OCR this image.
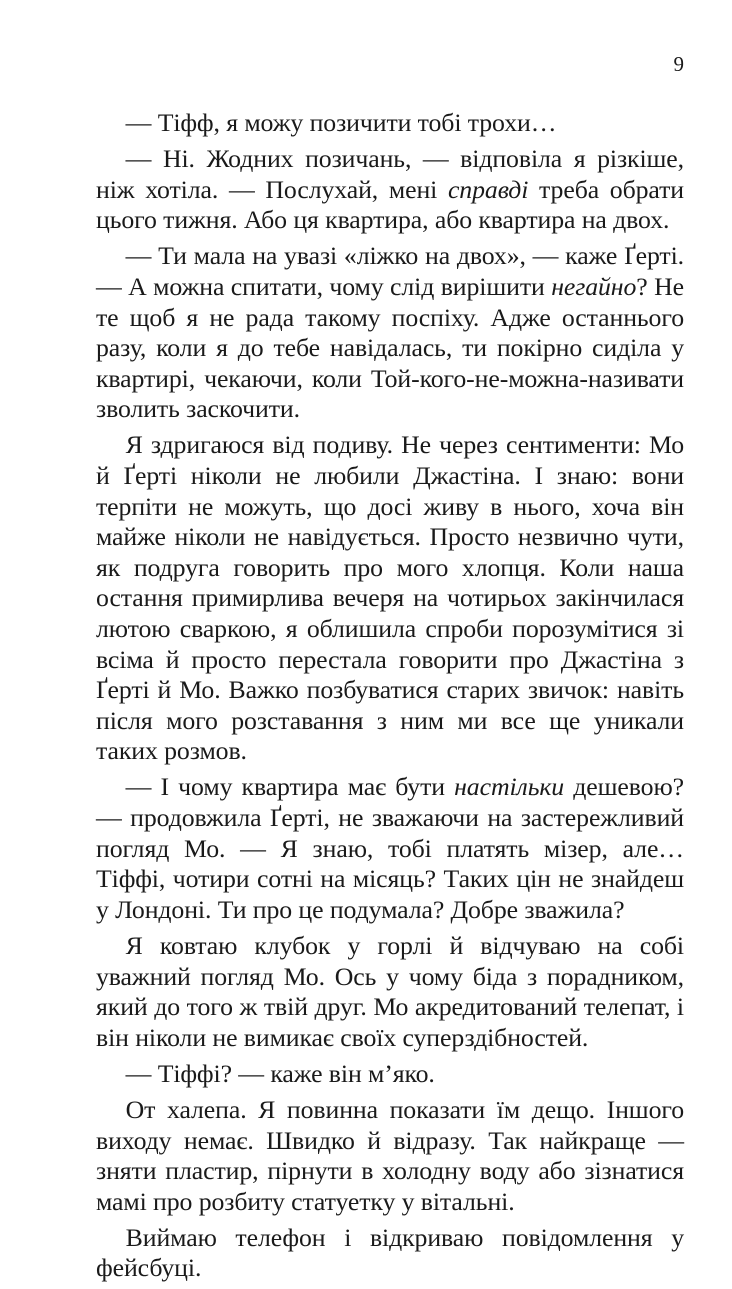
9

— Тіфф, я можу позичити тобі трохи…

— Ні. Жодних позичань, — відповіла я різкіше, ніж хотіла. — Послухай, мені справді треба обрати цього тижня. Або ця квартира, або квартира на двох.

— Ти мала на увазі «ліжко на двох», — каже Ґерті. — А можна спитати, чому слід вирішити негайно? Не те щоб я не рада такому поспіху. Адже останнього разу, коли я до тебе навідалась, ти покірно сиділа у квартирі, чекаючи, коли Той-кого-не-можна-називати зволить заскочити.

Я здригаюся від подиву. Не через сентименти: Мо й Ґерті ніколи не любили Джастіна. І знаю: вони терпіти не можуть, що досі живу в нього, хоча він майже ніколи не навідується. Просто незвично чути, як подруга говорить про мого хлопця. Коли наша остання примирлива вечеря на чотирьох закінчилася лютою сваркою, я облишила спроби порозумітися зі всіма й просто перестала говорити про Джастіна з Ґерті й Мо. Важко позбуватися старих звичок: навіть після мого розставання з ним ми все ще уникали таких розмов.

— І чому квартира має бути настільки дешевою? — продовжила Ґерті, не зважаючи на застережливий погляд Мо. — Я знаю, тобі платять мізер, але… Тіффі, чотири сотні на місяць? Таких цін не знайдеш у Лондоні. Ти про це подумала? Добре зважила?

Я ковтаю клубок у горлі й відчуваю на собі уважний погляд Мо. Ось у чому біда з порадником, який до того ж твій друг. Мо акредитований телепат, і він ніколи не вимикає своїх суперздібностей.

— Тіффі? — каже він м’яко.

От халепа. Я повинна показати їм дещо. Іншого виходу немає. Швидко й відразу. Так найкраще — зняти пластир, пірнути в холодну воду або зізнатися мамі про розбиту статуетку у вітальні.

Виймаю телефон і відкриваю повідомлення у фейсбуці.
